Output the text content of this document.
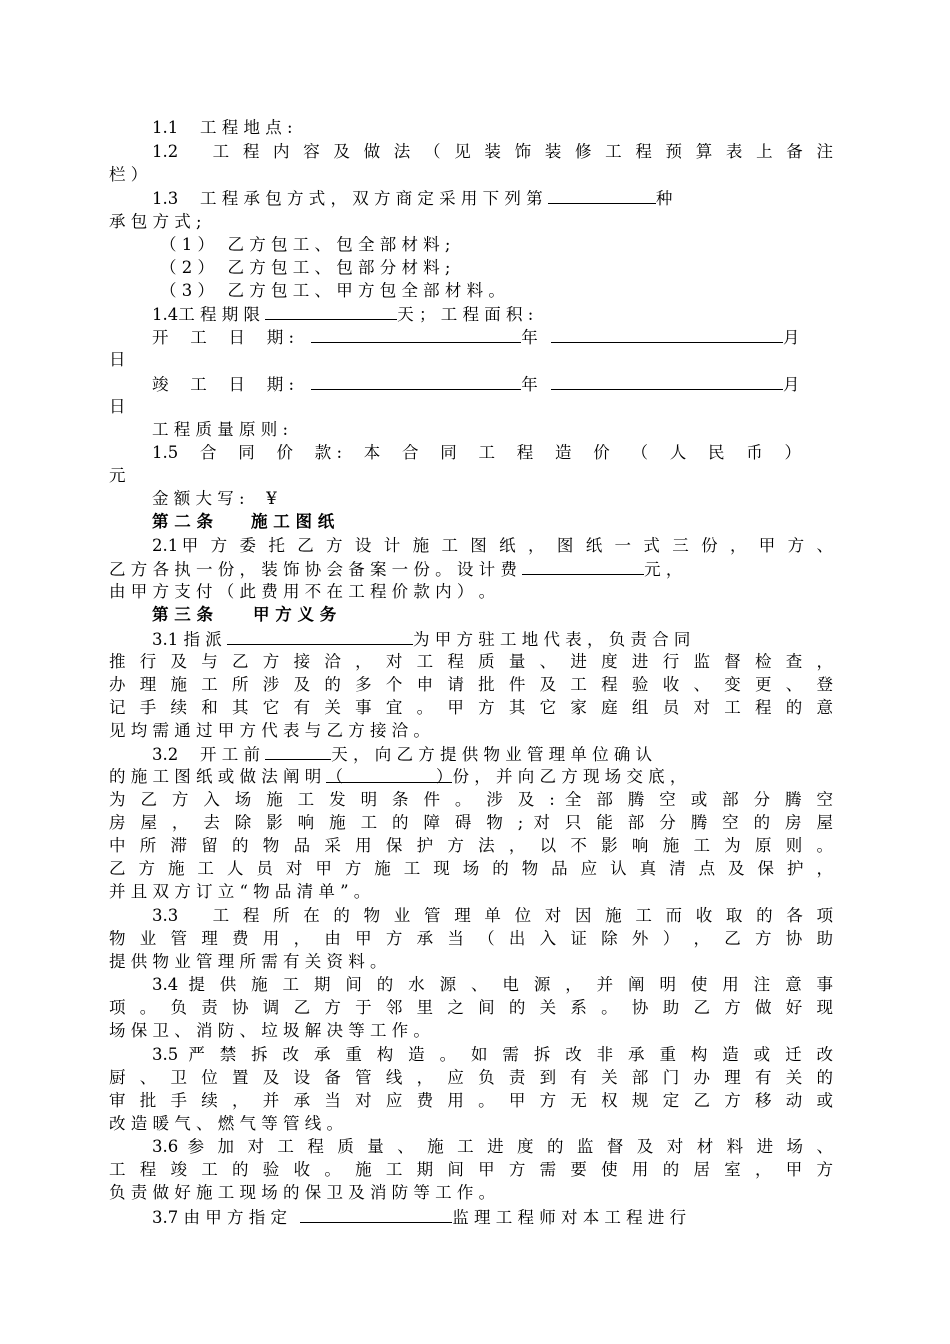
1.1　 工 程 地 点 :
1.2　 工 程 内 容 及 做 法 （ 见 装 饰 装 修 工 程 预 算 表 上 备 注
栏 ）
1.3　 工 程 承 包 方 式 ， 双 方 商 定 采 用 下 列 第	种
承 包 方 式 ;
（ 1 ）　 乙 方 包 工 、 包 全 部 材 料 ;
（ 2 ）　 乙 方 包 工 、 包 部 分 材 料 ;
（ 3 ）　 乙 方 包 工 、 甲 方 包 全 部 材 料 。
1.4工 程 期 限	天 ； 工 程 面 积 :
开　 工　 日　 期 :	年	月
日
竣　 工　 日　 期 :	年	月
日
工 程 质 量 原 则 :
1.5　 合　 同　 价　 款 :　 本　 合　 同　 工　 程　 造　 价　 （　 人　 民　 币　 ）
元
金 额 大 写 :　 ¥
第 二 条 施 工 图 纸
2.1甲 方 委 托 乙 方 设 计 施 工 图 纸 ， 图 纸 一 式 三 份 ， 甲 方 、
乙 方 各 执 一 份 ， 装 饰 协 会 备 案 一 份 。 设 计 费	元 ，
由 甲 方 支 付 （ 此 费 用 不 在 工 程 价 款 内 ） 。
第 三 条 甲 方 义 务
3.1 指 派	为 甲 方 驻 工 地 代 表 ， 负 责 合 同
推 行 及 与 乙 方 接 洽 ， 对 工 程 质 量 、 进 度 进 行 监 督 检 查 ，
办 理 施 工 所 涉 及 的 多 个 申 请 批 件 及 工 程 验 收 、 变 更 、 登
记 手 续 和 其 它 有 关 事 宜 。 甲 方 其 它 家 庭 组 员 对 工 程 的 意
见 均 需 通 过 甲 方 代 表 与 乙 方 接 洽 。
3.2　 开 工 前	天 ， 向 乙 方 提 供 物 业 管 理 单 位 确 认
的 施 工 图 纸 或 做 法 阐 明 （	）份 ， 并 向 乙 方 现 场 交 底 ，
为 乙 方 入 场 施 工 发 明 条 件 。 涉 及 : 全 部 腾 空 或 部 分 腾 空
房 屋 ， 去 除 影 响 施 工 的 障 碍 物 ; 对 只 能 部 分 腾 空 的 房 屋
中 所 滞 留 的 物 品 采 用 保 护 方 法 ， 以 不 影 响 施 工 为 原 则 。
乙 方 施 工 人 员 对 甲 方 施 工 现 场 的 物 品 应 认 真 清 点 及 保 护 ，
并 且 双 方 订 立 “ 物 品 清 单 ” 。
3.3　 工 程 所 在 的 物 业 管 理 单 位 对 因 施 工 而 收 取 的 各 项
物 业 管 理 费 用 ， 由 甲 方 承 当 （ 出 入 证 除 外 ） ， 乙 方 协 助
提 供 物 业 管 理 所 需 有 关 资 料 。
3.4 提 供 施 工 期 间 的 水 源 、 电 源 ， 并 阐 明 使 用 注 意 事
项 。 负 责 协 调 乙 方 于 邻 里 之 间 的 关 系 。 协 助 乙 方 做 好 现
场 保 卫 、 消 防 、 垃 圾 解 决 等 工 作 。
3.5 严 禁 拆 改 承 重 构 造 。 如 需 拆 改 非 承 重 构 造 或 迁 改
厨 、 卫 位 置 及 设 备 管 线 ， 应 负 责 到 有 关 部 门 办 理 有 关 的
审 批 手 续 ， 并 承 当 对 应 费 用 。 甲 方 无 权 规 定 乙 方 移 动 或
改 造 暖 气 、 燃 气 等 管 线 。
3.6 参 加 对 工 程 质 量 、 施 工 进 度 的 监 督 及 对 材 料 进 场 、
工 程 竣 工 的 验 收 。 施 工 期 间 甲 方 需 要 使 用 的 居 室 ， 甲 方
负 责 做 好 施 工 现 场 的 保 卫 及 消 防 等 工 作 。
3.7 由 甲 方 指 定	监 理 工 程 师 对 本 工 程 进 行
